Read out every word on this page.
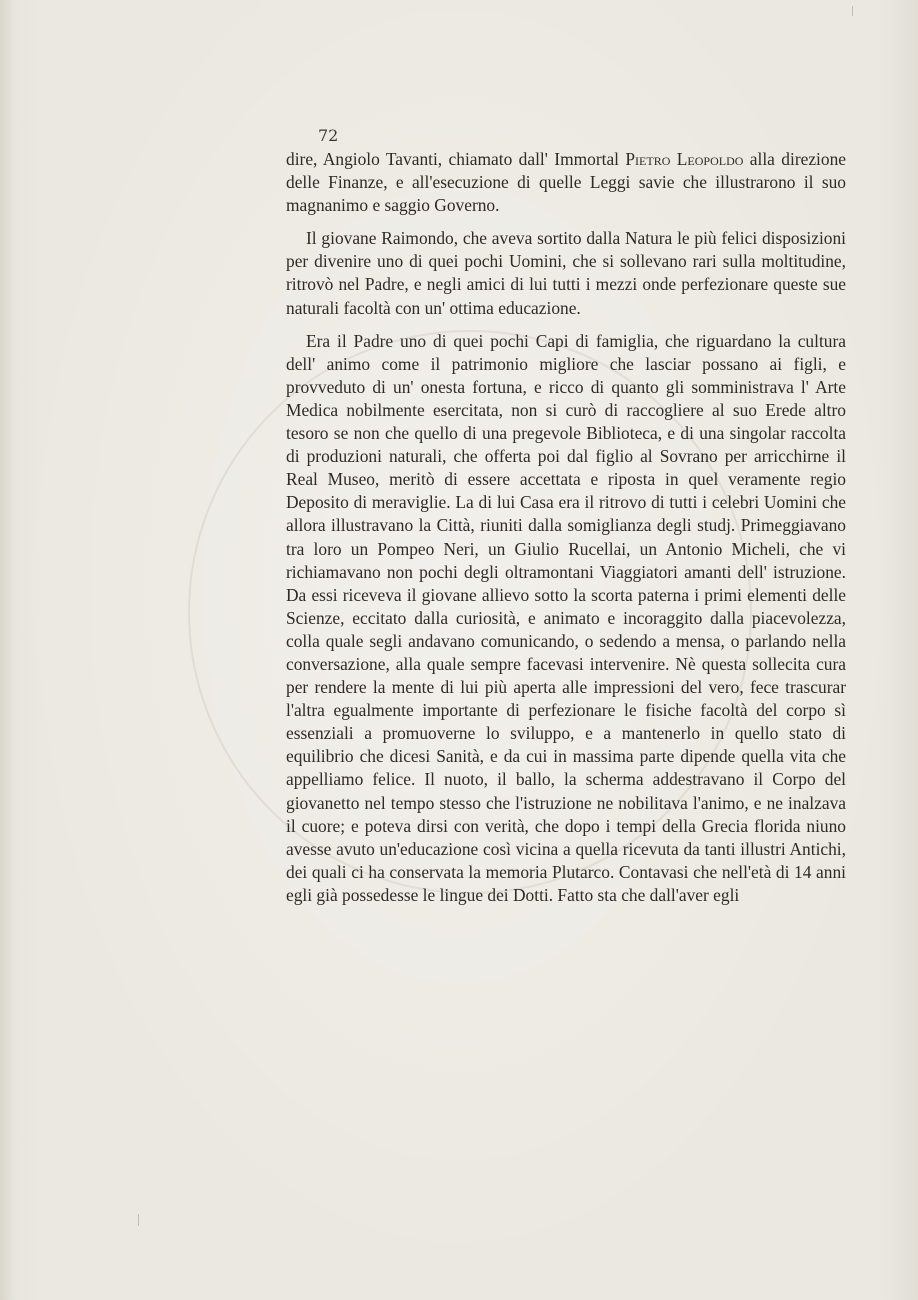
72

dire, Angiolo Tavanti, chiamato dall' Immortal Pietro Leopoldo alla direzione delle Finanze, e all'esecuzione di quelle Leggi savie che illustrarono il suo magnanimo e saggio Governo.

Il giovane Raimondo, che aveva sortito dalla Natura le più felici disposizioni per divenire uno di quei pochi Uomini, che si sollevano rari sulla moltitudine, ritrovò nel Padre, e negli amici di lui tutti i mezzi onde perfezionare queste sue naturali facoltà con un' ottima educazione.

Era il Padre uno di quei pochi Capi di famiglia, che riguardano la cultura dell' animo come il patrimonio migliore che lasciar possano ai figli, e provveduto di un' onesta fortuna, e ricco di quanto gli somministrava l' Arte Medica nobilmente esercitata, non si curò di raccogliere al suo Erede altro tesoro se non che quello di una pregevole Biblioteca, e di una singolar raccolta di produzioni naturali, che offerta poi dal figlio al Sovrano per arricchirne il Real Museo, meritò di essere accettata e riposta in quel veramente regio Deposito di meraviglie. La di lui Casa era il ritrovo di tutti i celebri Uomini che allora illustravano la Città, riuniti dalla somiglianza degli studj. Primeggiavano tra loro un Pompeo Neri, un Giulio Rucellai, un Antonio Micheli, che vi richiamavano non pochi degli oltramontani Viaggiatori amanti dell' istruzione. Da essi riceveva il giovane allievo sotto la scorta paterna i primi elementi delle Scienze, eccitato dalla curiosità, e animato e incoraggito dalla piacevolezza, colla quale segli andavano comunicando, o sedendo a mensa, o parlando nella conversazione, alla quale sempre facevasi intervenire. Nè questa sollecita cura per rendere la mente di lui più aperta alle impressioni del vero, fece trascurar l'altra egualmente importante di perfezionare le fisiche facoltà del corpo sì essenziali a promuoverne lo sviluppo, e a mantenerlo in quello stato di equilibrio che dicesi Sanità, e da cui in massima parte dipende quella vita che appelliamo felice. Il nuoto, il ballo, la scherma addestravano il Corpo del giovanetto nel tempo stesso che l'istruzione ne nobilitava l'animo, e ne inalzava il cuore; e poteva dirsi con verità, che dopo i tempi della Grecia florida niuno avesse avuto un'educazione così vicina a quella ricevuta da tanti illustri Antichi, dei quali ci ha conservata la memoria Plutarco. Contavasi che nell'età di 14 anni egli già possedesse le lingue dei Dotti. Fatto sta che dall'aver egli
